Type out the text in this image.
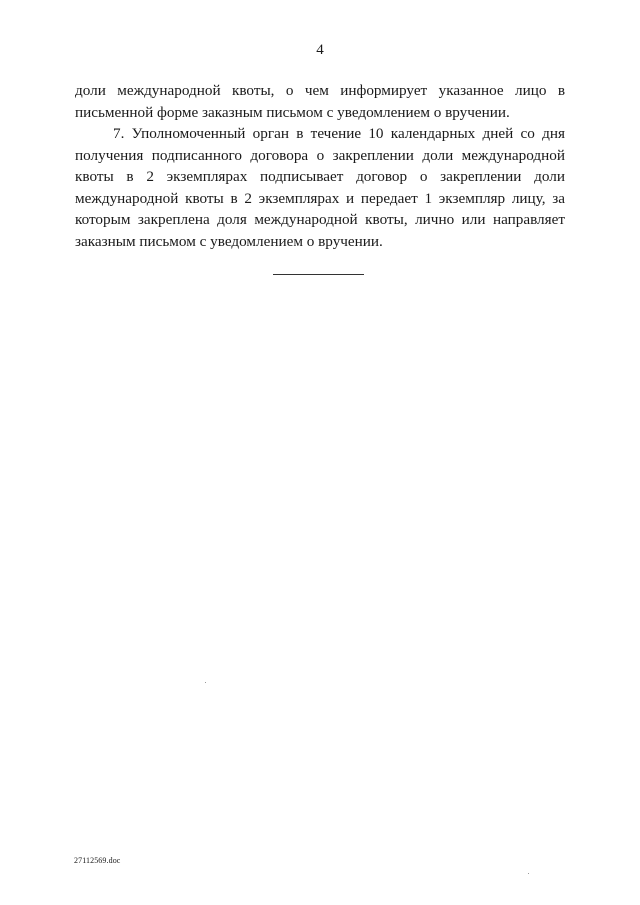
4

доли международной квоты, о чем информирует указанное лицо в письменной форме заказным письмом с уведомлением о вручении.

7. Уполномоченный орган в течение 10 календарных дней со дня получения подписанного договора о закреплении доли международной квоты в 2 экземплярах подписывает договор о закреплении доли международной квоты в 2 экземплярах и передает 1 экземпляр лицу, за которым закреплена доля международной квоты, лично или направляет заказным письмом с уведомлением о вручении.

27112569.doc
